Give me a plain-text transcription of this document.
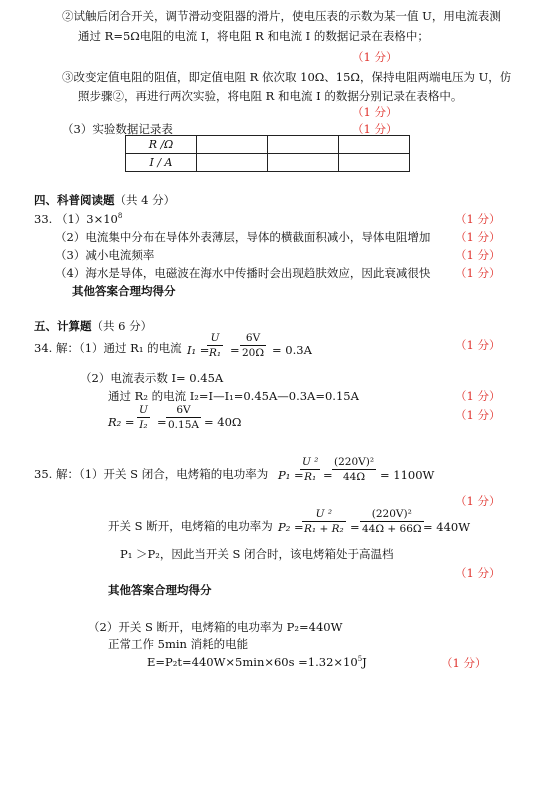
②试触后闭合开关，调节滑动变阻器的滑片，使电压表的示数为某一值 U，用电流表测
通过 R=5Ω电阻的电流 I，将电阻 R 和电流 I 的数据记录在表格中；
（1 分）
③改变定值电阻的阻值，即定值电阻 R 依次取 10Ω、15Ω，保持电阻两端电压为 U，仿
照步骤②，再进行两次实验，将电阻 R 和电流 I 的数据分别记录在表格中。
（1 分）
（3）实验数据记录表	（1 分）
R /Ω			
I / A			
四、科普阅读题（共 4 分）
33. $(1)3\times 10^8$	（1 分）
（2）电流集中分布在导体外表薄层，导体的横截面积减小，导体电阻增加 （1 分）
（3）减小电流频率	（1 分）
（4）海水是导体，电磁波在海水中传播时会出现趋肤效应，因此衰减很快 （1 分）
其他答案合理均得分
五、计算题（共 6 分）
34. 解：（1）通过 R₁ 的电流 I₁ =
$\frac{U}{\text{R₁}} = \frac{6V}{20\Omega} = 0.3A$	（1 分）
（2）电流表示数 I= 0.45A
通过 R₂ 的电流 I₂=I—I₁=0.45A—0.3A=0.15A	（1 分）
$R_2 = \frac{U}{\text{I₂}} = \frac{6V}{0.15A} = 40\Omega$	（1 分）
35. 解：（1）开关 S 闭合，电烤箱的电功率为 P₁ =
$\frac{\text{U ²}}{\text{R₁}} = \frac{\text{(220V)²}}{44\Omega} = 1100W$
（1 分）
开关 S 断开，电烤箱的电功率为 P₂ =
$\frac{\text{U ²}}{\text{R₁ + R₂}} = \frac{\text{(220V)²}}{44\Omega + 66\Omega} = 440W$
P₁ ＞P₂，因此当开关 S 闭合时，该电烤箱处于高温档
（1 分）
其他答案合理均得分
（2）开关 S 断开，电烤箱的电功率为 P₂=440W
正常工作 5min 消耗的电能
$E=P_2t=440W\times 5\min\times 60s =1.32\times 10^5J$	（1 分）
